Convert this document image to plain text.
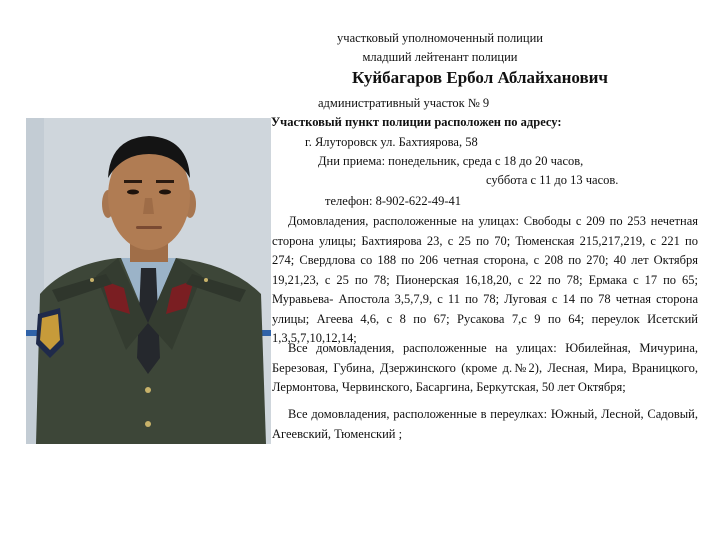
участковый уполномоченный полиции
младший лейтенант полиции
Куйбагаров Ербол Аблайханович
административный участок № 9
Участковый пункт полиции расположен по адресу:
г. Ялуторовск ул. Бахтиярова, 58
Дни приема: понедельник, среда с 18 до 20 часов,
суббота с 11 до 13 часов.
телефон: 8-902-622-49-41

Домовладения, расположенные на улицах: Свободы с 209 по 253 нечетная сторона улицы; Бахтиярова 23, с 25 по 70; Тюменская 215,217,219, с 221 по 274; Свердлова со 188 по 206 четная сторона, с 208 по 270; 40 лет Октября 19,21,23, с 25 по 78; Пионерская 16,18,20, с 22 по 78; Ермака с 17 по 65; Муравьева- Апостола 3,5,7,9, с 11 по 78; Луговая с 14 по 78 четная сторона улицы; Агеева 4,6, с 8 по 67; Русакова 7,с 9 по 64; переулок Исетский 1,3,5,7,10,12,14;

Все домовладения, расположенные на улицах: Юбилейная, Мичурина, Березовая, Губина, Дзержинского (кроме д.№2), Лесная, Мира, Враницкого, Лермонтова, Червинского, Басаргина, Беркутская, 50 лет Октября;

Все домовладения, расположенные в переулках: Южный, Лесной, Садовый, Агеевский, Тюменский ;
